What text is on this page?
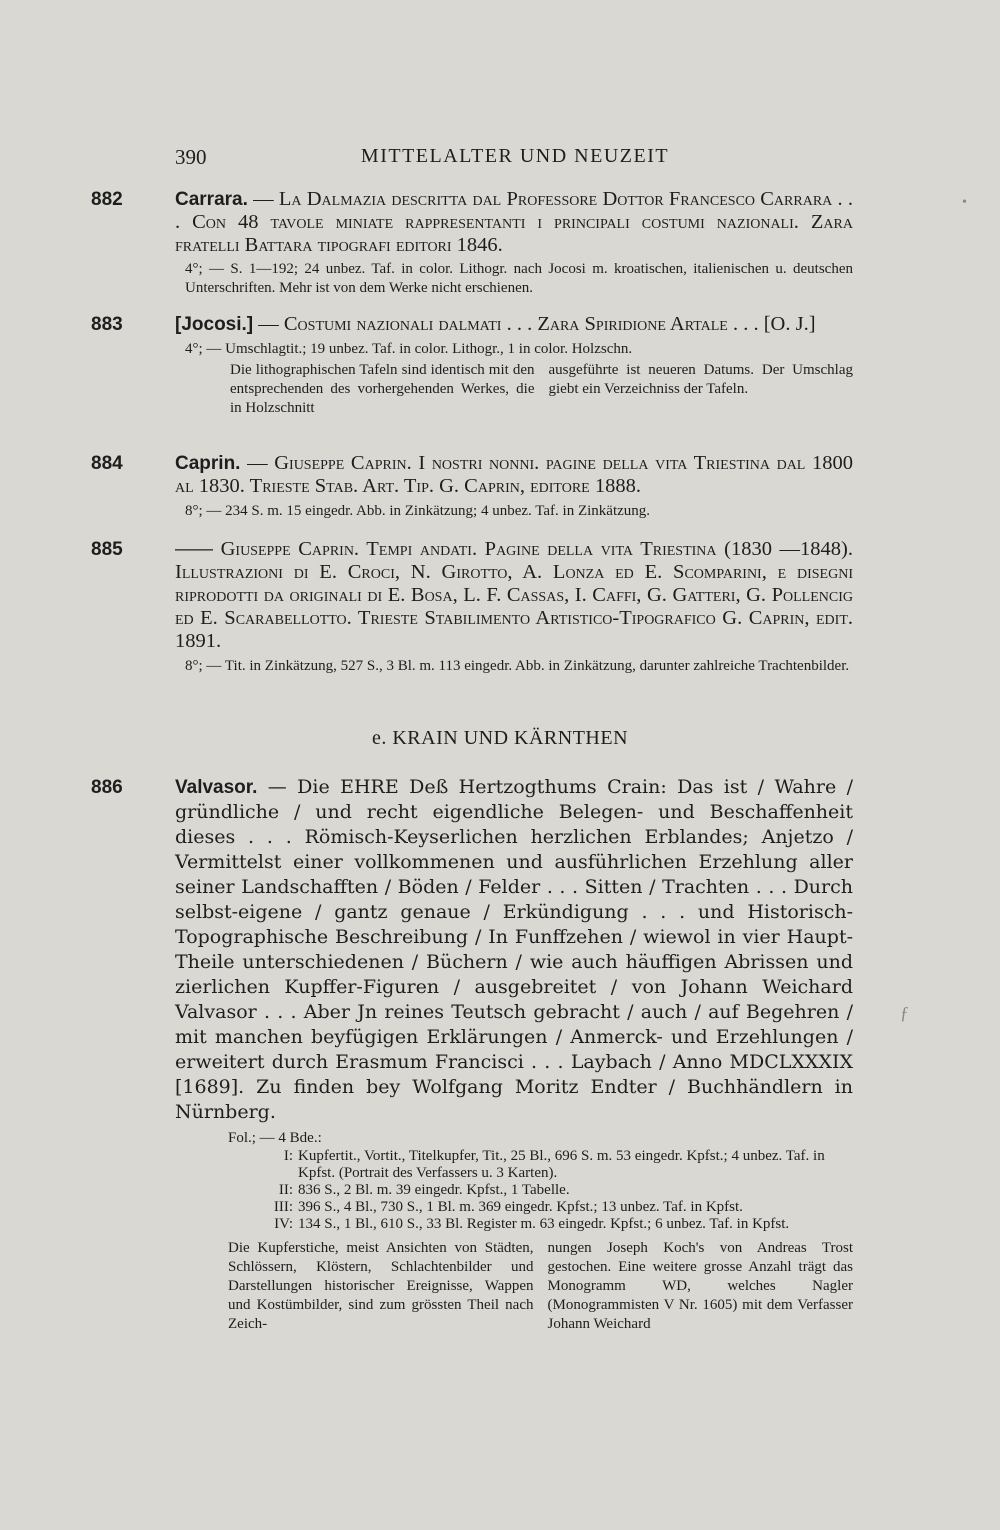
390	MITTELALTER UND NEUZEIT

882	Carrara. — La Dalmazia descritta dal Professore Dottor Francesco Carrara . . . Con 48 tavole miniate rappresentanti i principali costumi nazionali. Zara fratelli Battara tipografi editori 1846.

4°; — S. 1—192; 24 unbez. Taf. in color. Lithogr. nach Jocosi m. kroatischen, italienischen u. deutschen Unterschriften. Mehr ist von dem Werke nicht erschienen.

883	[Jocosi.] — Costumi nazionali dalmati . . . Zara Spiridione Artale . . . [O. J.]

4°; — Umschlagtit.; 19 unbez. Taf. in color. Lithogr., 1 in color. Holzschn.

Die lithographischen Tafeln sind identisch mit den entsprechenden des vorhergehenden Werkes, die in Holzschnitt
ausgeführte ist neueren Datums. Der Umschlag giebt ein Verzeichniss der Tafeln.

884	Caprin. — Giuseppe Caprin. I nostri nonni. pagine della vita Triestina dal 1800 al 1830. Trieste Stab. Art. Tip. G. Caprin, editore 1888.

8°; — 234 S. m. 15 eingedr. Abb. in Zinkätzung; 4 unbez. Taf. in Zinkätzung.

885	—— Giuseppe Caprin. Tempi andati. Pagine della vita Triestina (1830 —1848). Illustrazioni di E. Croci, N. Girotto, A. Lonza ed E. Scomparini, e disegni riprodotti da originali di E. Bosa, L. F. Cassas, I. Caffi, G. Gatteri, G. Pollencig ed E. Scarabellotto. Trieste Stabilimento Artistico-Tipografico G. Caprin, edit. 1891.

8°; — Tit. in Zinkätzung, 527 S., 3 Bl. m. 113 eingedr. Abb. in Zinkätzung, darunter zahlreiche Trachtenbilder.

e. KRAIN UND KÄRNTHEN

886	Valvasor. — Die EHRE Deß Hertzogthums Crain: Das ist / Wahre / gründliche / und recht eigendliche Belegen- und Beschaffenheit dieses . . . Römisch-Keyserlichen herzlichen Erblandes; Anjetzo / Vermittelst einer vollkommenen und ausführlichen Erzehlung aller seiner Landschafften / Böden / Felder . . . Sitten / Trachten . . . Durch selbst-eigene / gantz genaue / Erkündigung . . . und Historisch-Topographische Beschreibung / In Funffzehen / wiewol in vier Haupt-Theile unterschiedenen / Büchern / wie auch häuffigen Abrissen und zierlichen Kupffer-Figuren / ausgebreitet / von Johann Weichard Valvasor . . . Aber Jn reines Teutsch gebracht / auch / auf Begehren / mit manchen beyfügigen Erklärungen / Anmerck- und Erzehlungen / erweitert durch Erasmum Francisci . . . Laybach / Anno MDCLXXXIX [1689]. Zu finden bey Wolfgang Moritz Endter / Buchhändlern in Nürnberg.

Fol.; — 4 Bde.:

I: Kupfertit., Vortit., Titelkupfer, Tit., 25 Bl., 696 S. m. 53 eingedr. Kpfst.; 4 unbez. Taf. in Kpfst. (Portrait des Verfassers u. 3 Karten).
II: 836 S., 2 Bl. m. 39 eingedr. Kpfst., 1 Tabelle.
III: 396 S., 4 Bl., 730 S., 1 Bl. m. 369 eingedr. Kpfst.; 13 unbez. Taf. in Kpfst.
IV: 134 S., 1 Bl., 610 S., 33 Bl. Register m. 63 eingedr. Kpfst.; 6 unbez. Taf. in Kpfst.
Die Kupferstiche, meist Ansichten von Städten, Schlössern, Klöstern, Schlachtenbilder und Darstellungen historischer Ereignisse, Wappen und Kostümbilder, sind zum grössten Theil nach Zeich-
nungen Joseph Koch's von Andreas Trost gestochen. Eine weitere grosse Anzahl trägt das Monogramm WD, welches Nagler (Monogrammisten V Nr. 1605) mit dem Verfasser Johann Weichard
•
ƒ
